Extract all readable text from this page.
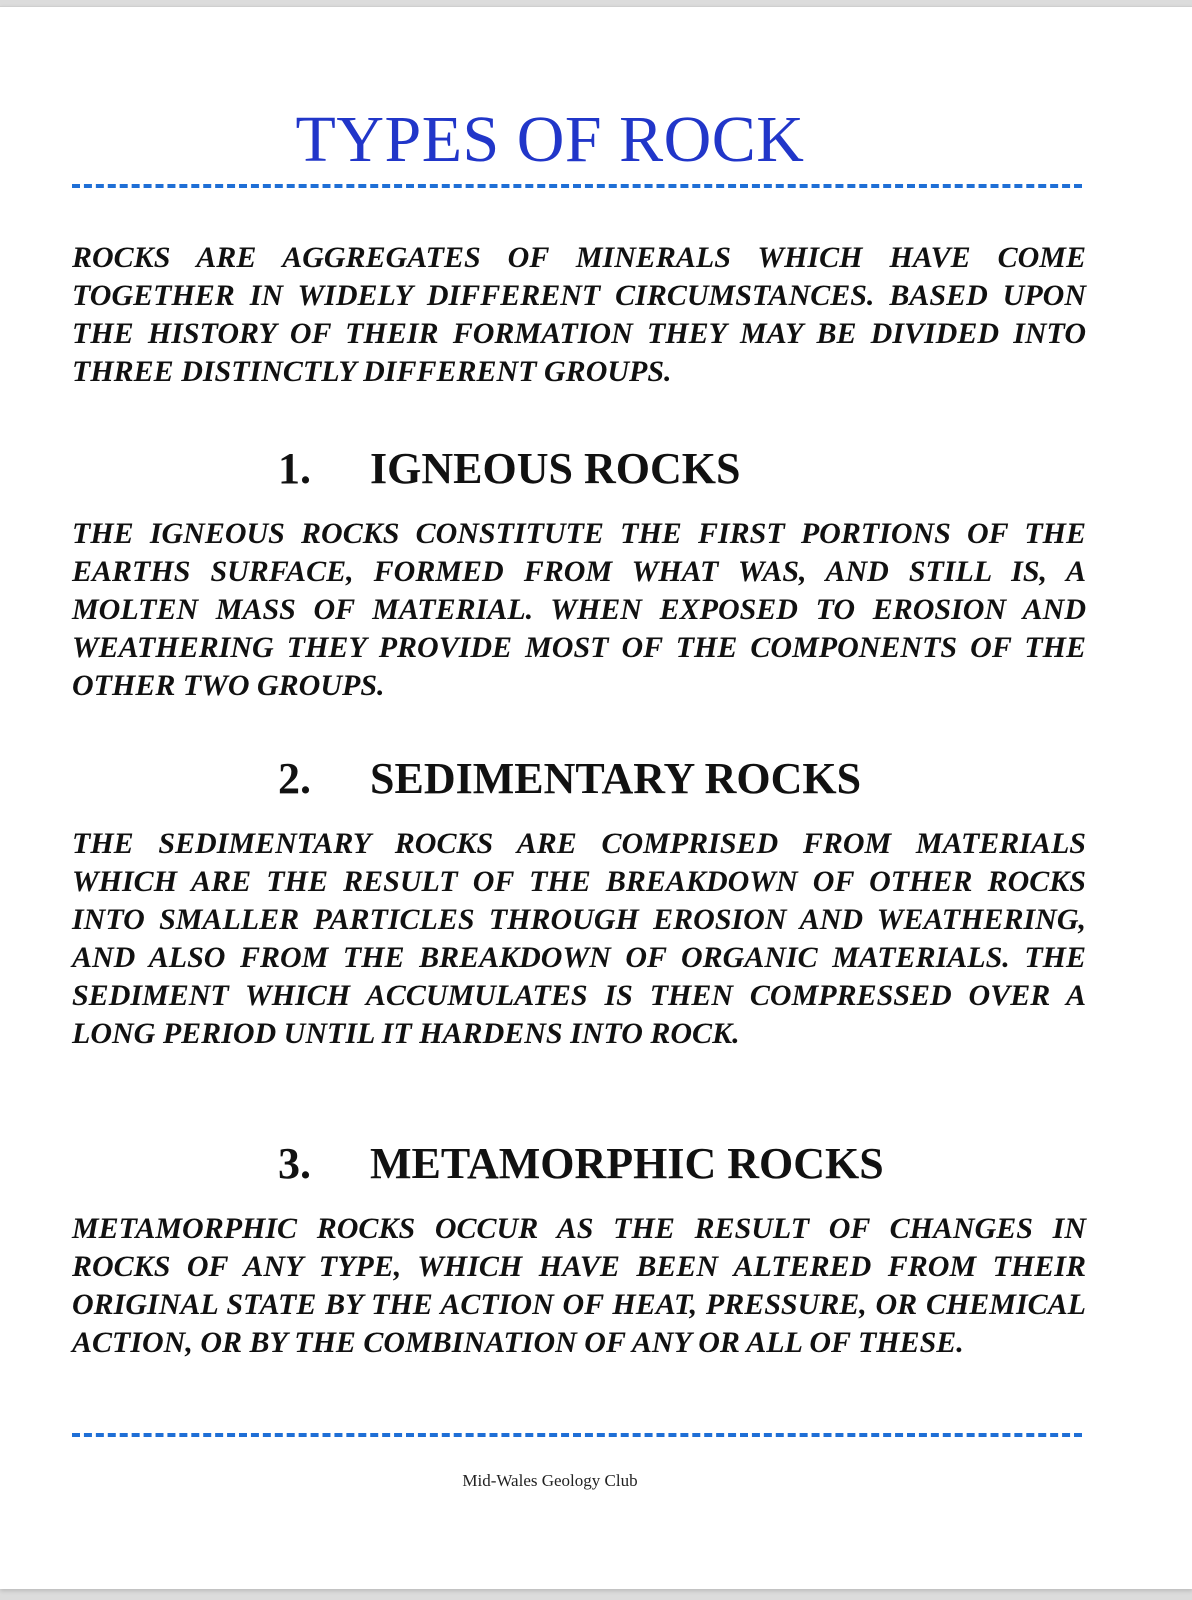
TYPES OF ROCK

ROCKS ARE AGGREGATES OF MINERALS WHICH HAVE COME TOGETHER IN WIDELY DIFFERENT CIRCUMSTANCES. BASED UPON THE HISTORY OF THEIR FORMATION THEY MAY BE DIVIDED INTO THREE DISTINCTLY DIFFERENT GROUPS.

1. IGNEOUS ROCKS

THE IGNEOUS ROCKS CONSTITUTE THE FIRST PORTIONS OF THE EARTHS SURFACE, FORMED FROM WHAT WAS, AND STILL IS, A MOLTEN MASS OF MATERIAL. WHEN EXPOSED TO EROSION AND WEATHERING THEY PROVIDE MOST OF THE COMPONENTS OF THE OTHER TWO GROUPS.

2. SEDIMENTARY ROCKS

THE SEDIMENTARY ROCKS ARE COMPRISED FROM MATERIALS WHICH ARE THE RESULT OF THE BREAKDOWN OF OTHER ROCKS INTO SMALLER PARTICLES THROUGH EROSION AND WEATHERING, AND ALSO FROM THE BREAKDOWN OF ORGANIC MATERIALS. THE SEDIMENT WHICH ACCUMULATES IS THEN COMPRESSED OVER A LONG PERIOD UNTIL IT HARDENS INTO ROCK.

3. METAMORPHIC ROCKS

METAMORPHIC ROCKS OCCUR AS THE RESULT OF CHANGES IN ROCKS OF ANY TYPE, WHICH HAVE BEEN ALTERED FROM THEIR ORIGINAL STATE BY THE ACTION OF HEAT, PRESSURE, OR CHEMICAL ACTION, OR BY THE COMBINATION OF ANY OR ALL OF THESE.

Mid-Wales Geology Club
